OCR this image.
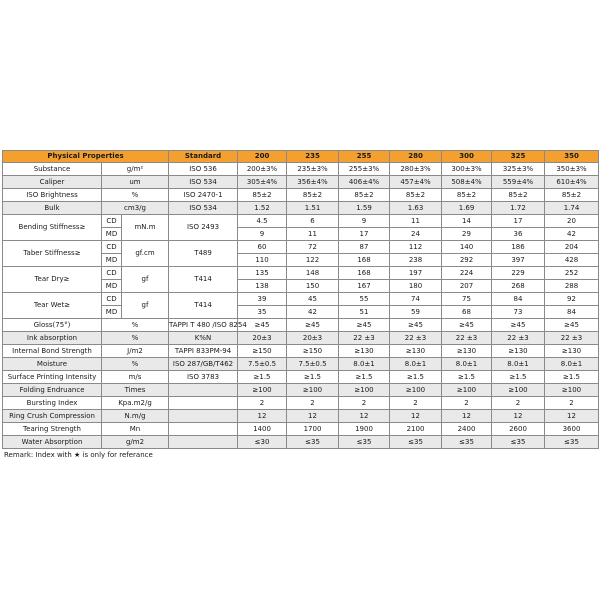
Physical Properties			Standard	200	235	255	280	300	325	350
Substance	g/m²		ISO 536	200±3%	235±3%	255±3%	280±3%	300±3%	325±3%	350±3%
Caliper	um		ISO 534	305±4%	356±4%	406±4%	457±4%	508±4%	559±4%	610±4%
ISO Brightness	%		ISO 2470-1	85±2	85±2	85±2	85±2	85±2	85±2	85±2
Bulk	cm3/g		ISO 534	1.52	1.51	1.59	1.63	1.69	1.72	1.74
Bending Stiffness≥	CD	mN.m	ISO 2493	4.5	6	9	11	14	17	20
	MD			9	11	17	24	29	36	42
Taber Stiffness≥	CD	gf.cm	T489	60	72	87	112	140	186	204
	MD			110	122	168	238	292	397	428
Tear Dry≥	CD	gf	T414	135	148	168	197	224	229	252
	MD			138	150	167	180	207	268	288
Tear Wet≥	CD	gf	T414	39	45	55	74	75	84	92
	MD			35	42	51	59	68	73	84
Gloss(75°)	%		TAPPI T 480 /ISO 8254	≥45	≥45	≥45	≥45	≥45	≥45	≥45
Ink absorption	%		K%N	20±3	20±3	22 ±3	22 ±3	22 ±3	22 ±3	22 ±3
Internal Bond Strength	J/m2		TAPPI 833PM-94	≥150	≥150	≥130	≥130	≥130	≥130	≥130
Moisture	%		ISO 287/GB/T462	7.5±0.5	7.5±0.5	8.0±1	8.0±1	8.0±1	8.0±1	8.0±1
Surface Printing Intensity	m/s		ISO 3783	≥1.5	≥1.5	≥1.5	≥1.5	≥1.5	≥1.5	≥1.5
Folding Endruance	Times			≥100	≥100	≥100	≥100	≥100	≥100	≥100
Bursting Index	Kpa.m2/g			2	2	2	2	2	2	2
Ring Crush Compression	N.m/g			12	12	12	12	12	12	12
Tearing Strength	Mn			1400	1700	1900	2100	2400	2600	3600
Water Absorption	g/m2			≤30	≤35	≤35	≤35	≤35	≤35	≤35
Remark: Index with ★ is only for referance
